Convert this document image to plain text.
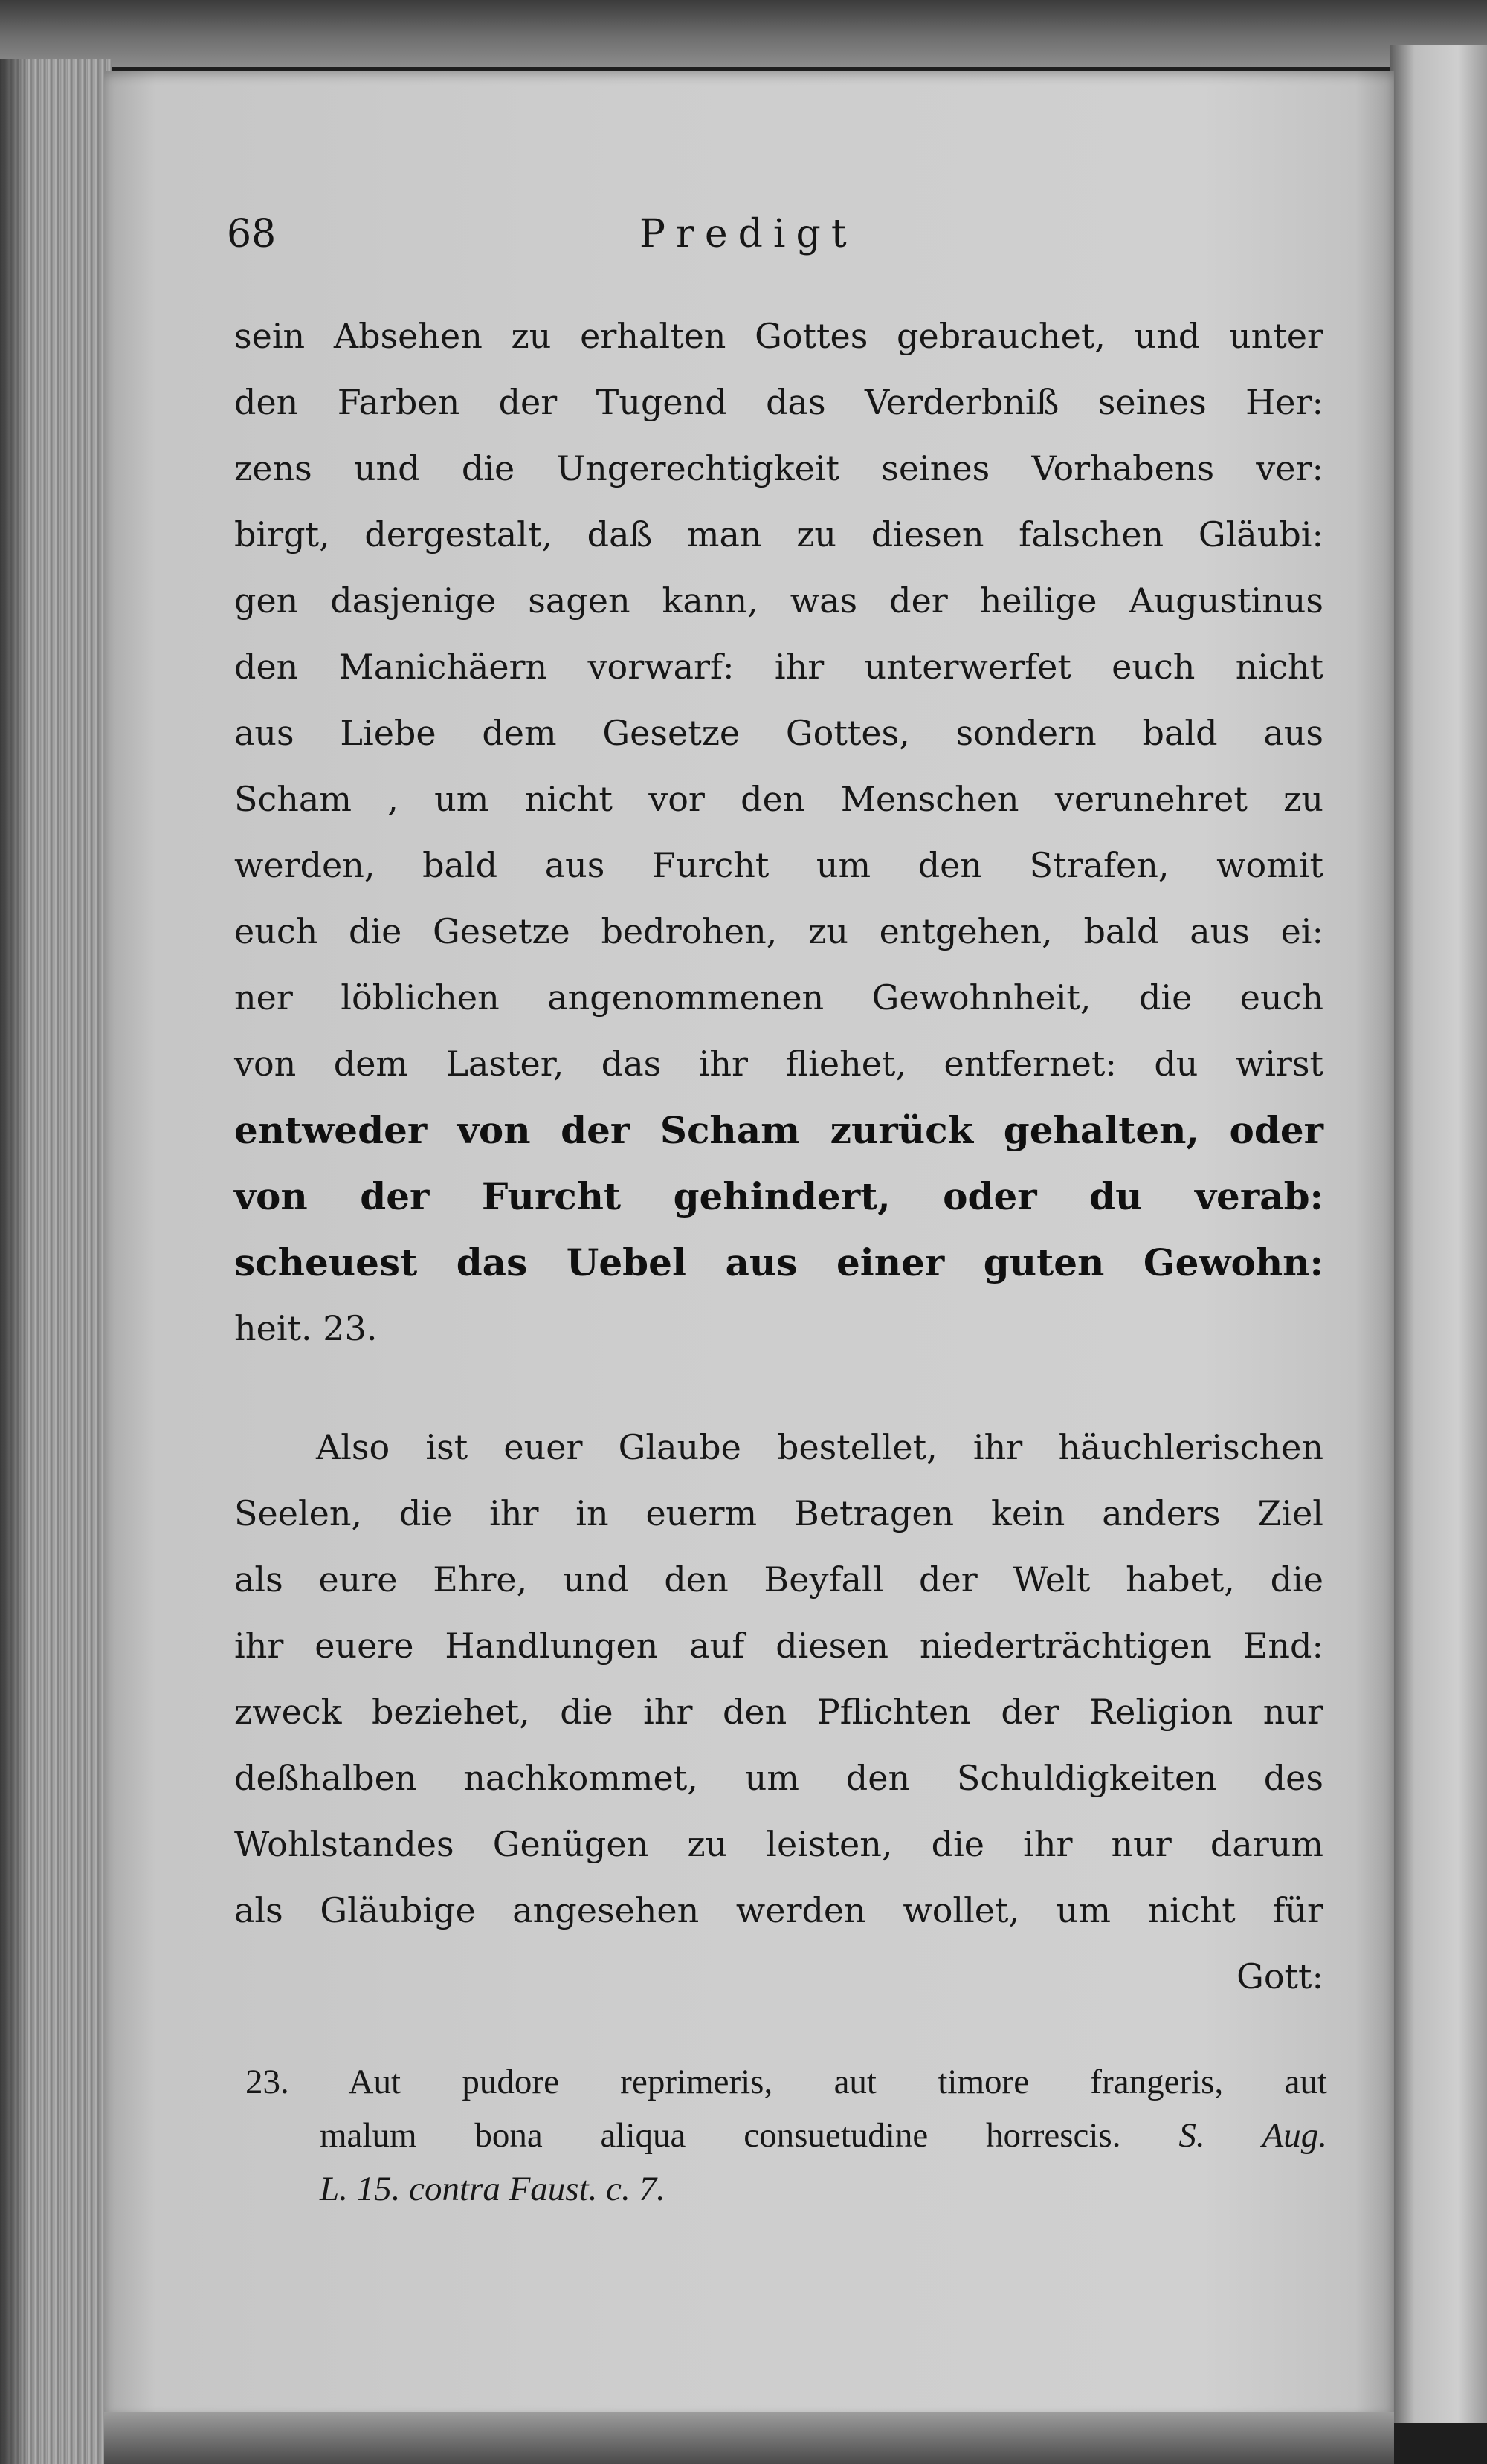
68	Predigt
sein Absehen zu erhalten Gottes gebrauchet, und unter
den Farben der Tugend das Verderbniß seines Her:
zens und die Ungerechtigkeit seines Vorhabens ver:
birgt, dergestalt, daß man zu diesen falschen Gläubi:
gen dasjenige sagen kann, was der heilige Augustinus
den Manichäern vorwarf: ihr unterwerfet euch nicht
aus Liebe dem Gesetze Gottes, sondern bald aus
Scham , um nicht vor den Menschen verunehret zu
werden, bald aus Furcht um den Strafen, womit
euch die Gesetze bedrohen, zu entgehen, bald aus ei:
ner löblichen angenommenen Gewohnheit, die euch
von dem Laster, das ihr fliehet, entfernet: du wirst
entweder von der Scham zurück gehalten, oder
von der Furcht gehindert, oder du verab:
scheuest das Uebel aus einer guten Gewohn:
heit. 23.
Also ist euer Glaube bestellet, ihr häuchlerischen
Seelen, die ihr in euerm Betragen kein anders Ziel
als eure Ehre, und den Beyfall der Welt habet, die
ihr euere Handlungen auf diesen niederträchtigen End:
zweck beziehet, die ihr den Pflichten der Religion nur
deßhalben nachkommet, um den Schuldigkeiten des
Wohlstandes Genügen zu leisten, die ihr nur darum
als Gläubige angesehen werden wollet, um nicht für
Gott:
23. Aut pudore reprimeris, aut timore frangeris, aut
malum bona aliqua consuetudine horrescis. S. Aug.
L. 15. contra Faust. c. 7.
